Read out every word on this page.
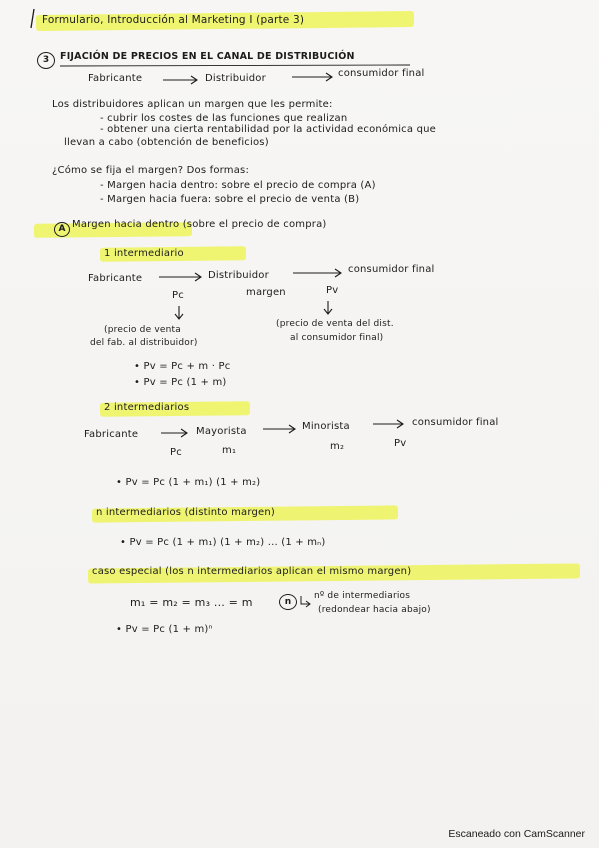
Formulario, Introducción al Marketing I (parte 3)
3	FIJACIÓN DE PRECIOS EN EL CANAL DE DISTRIBUCIÓN
Fabricante	Distribuidor	consumidor final
Los distribuidores aplican un margen que les permite:
- cubrir los costes de las funciones que realizan
- obtener una cierta rentabilidad por la actividad económica que
llevan a cabo (obtención de beneficios)
¿Cómo se fija el margen? Dos formas:
- Margen hacia dentro: sobre el precio de compra (A)
- Margen hacia fuera: sobre el precio de venta (B)
A Margen hacia dentro (sobre el precio de compra)
1 intermediario
Fabricante	Distribuidor
consumidor final
Pc	margen	Pv
(precio de venta
del fab. al distribuidor)
(precio de venta del dist.
al consumidor final)
• Pv = Pc + m · Pc
• Pv = Pc (1 + m)
2 intermediarios
Fabricante	Mayorista	Minorista	consumidor final
Pc	m₁	m₂	Pv
• Pv = Pc (1 + m₁) (1 + m₂)
n intermediarios (distinto margen)
• Pv = Pc (1 + m₁) (1 + m₂) ... (1 + mₙ)
caso especial (los n intermediarios aplican el mismo margen)
m₁ = m₂ = m₃ ... = m	n
nº de intermediarios
(redondear hacia abajo)
• Pv = Pc (1 + m)ⁿ
Escaneado con CamScanner
